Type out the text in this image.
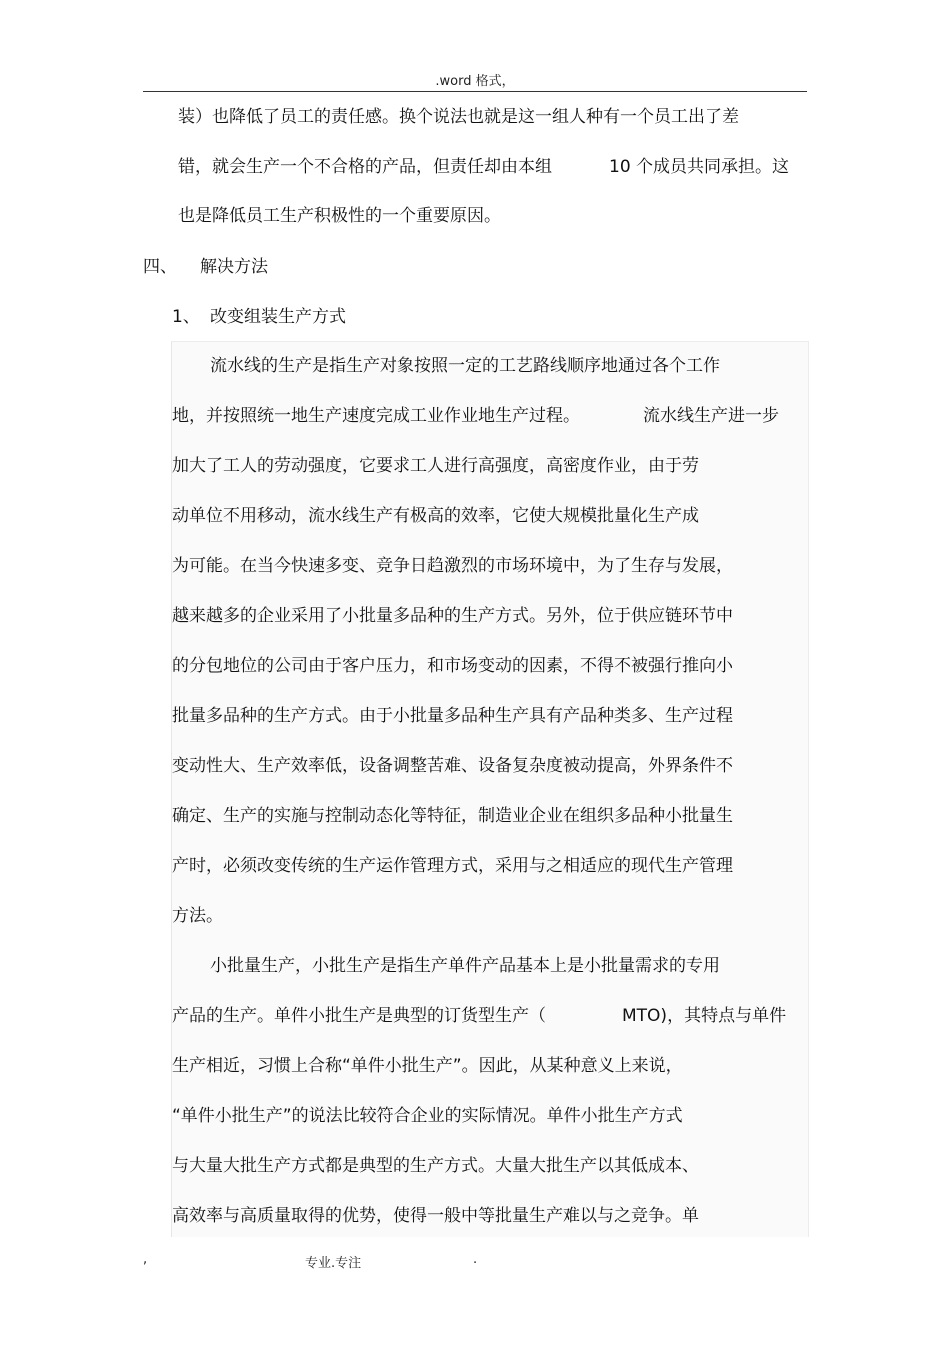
.word 格式，
装）也降低了员工的责任感。换个说法也就是这一组人种有一个员工出了差
错，就会生产一个不合格的产品，但责任却由本组	10 个成员共同承担。这
也是降低员工生产积极性的一个重要原因。
四、 解决方法
1、 改变组装生产方式
流水线的生产是指生产对象按照一定的工艺路线顺序地通过各个工作
地，并按照统一地生产速度完成工业作业地生产过程。	流水线生产进一步
加大了工人的劳动强度，它要求工人进行高强度，高密度作业，由于劳
动单位不用移动，流水线生产有极高的效率，它使大规模批量化生产成
为可能。在当今快速多变、竞争日趋激烈的市场环境中，为了生存与发展，
越来越多的企业采用了小批量多品种的生产方式。另外，位于供应链环节中
的分包地位的公司由于客户压力，和市场变动的因素，不得不被强行推向小
批量多品种的生产方式。由于小批量多品种生产具有产品种类多、生产过程
变动性大、生产效率低，设备调整苦难、设备复杂度被动提高，外界条件不
确定、生产的实施与控制动态化等特征，制造业企业在组织多品种小批量生
产时，必须改变传统的生产运作管理方式，采用与之相适应的现代生产管理
方法。
小批量生产，小批生产是指生产单件产品基本上是小批量需求的专用
产品的生产。单件小批生产是典型的订货型生产（	MTO)，其特点与单件
生产相近，习惯上合称“单件小批生产”。因此，从某种意义上来说，
“单件小批生产”的说法比较符合企业的实际情况。单件小批生产方式
与大量大批生产方式都是典型的生产方式。大量大批生产以其低成本、
高效率与高质量取得的优势，使得一般中等批量生产难以与之竞争。单
,	专业.专注	.
